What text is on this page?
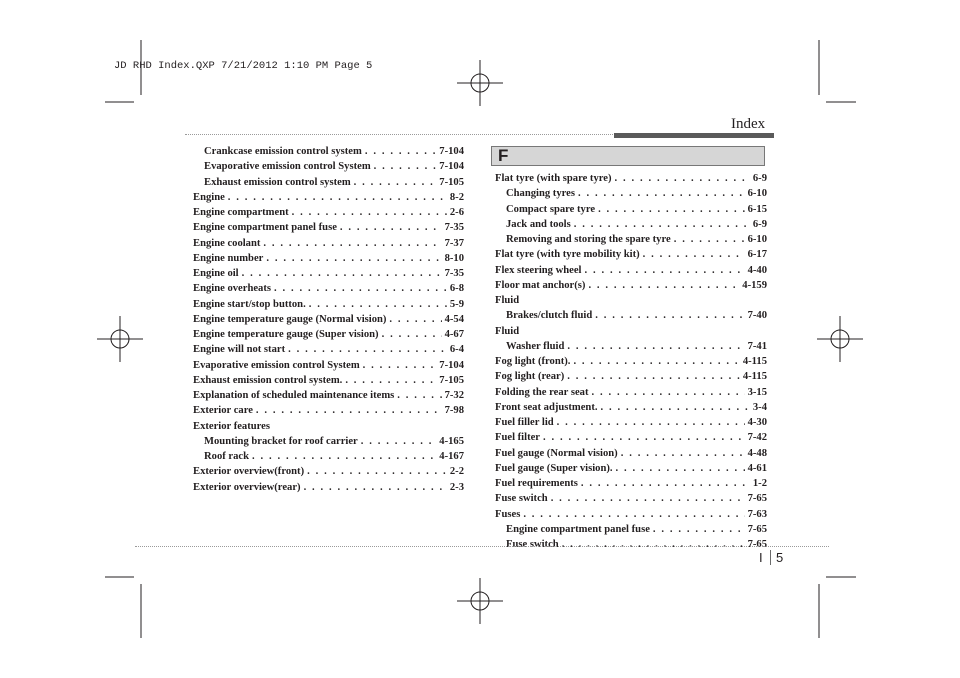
JD RHD Index.QXP 7/21/2012 1:10 PM Page 5
Index
Crankcase emission control system . . .	7-104
Evaporative emission control System . . .	7-104
Exhaust emission control system . . .	7-105
Engine . . .	8-2
Engine compartment . . .	2-6
Engine compartment panel fuse . . .	7-35
Engine coolant . . .	7-37
Engine number . . .	8-10
Engine oil . . .	7-35
Engine overheats . . .	6-8
Engine start/stop button. . . .	5-9
Engine temperature gauge (Normal vision) . . .	4-54
Engine temperature gauge (Super vision) . . .	4-67
Engine will not start . . .	6-4
Evaporative emission control System . . .	7-104
Exhaust emission control system. . . .	7-105
Explanation of scheduled maintenance items . . .	7-32
Exterior care . . .	7-98
Exterior features
Mounting bracket for roof carrier . . .	4-165
Roof rack . . .	4-167
Exterior overview(front) . . .	2-2
Exterior overview(rear) . . .	2-3
F
Flat tyre (with spare tyre) . . .	6-9
Changing tyres . . .	6-10
Compact spare tyre . . .	6-15
Jack and tools . . .	6-9
Removing and storing the spare tyre . . .	6-10
Flat tyre (with tyre mobility kit) . . .	6-17
Flex steering wheel . . .	4-40
Floor mat anchor(s) . . .	4-159
Fluid
Brakes/clutch fluid . . .	7-40
Fluid
Washer fluid . . .	7-41
Fog light (front). . . .	4-115
Fog light (rear) . . .	4-115
Folding the rear seat . . .	3-15
Front seat adjustment. . . .	3-4
Fuel filler lid . . .	4-30
Fuel filter . . .	7-42
Fuel gauge (Normal vision) . . .	4-48
Fuel gauge (Super vision). . . .	4-61
Fuel requirements . . .	1-2
Fuse switch . . .	7-65
Fuses . . .	7-63
Engine compartment panel fuse . . .	7-65
Fuse switch . . .	7-65
I 5
